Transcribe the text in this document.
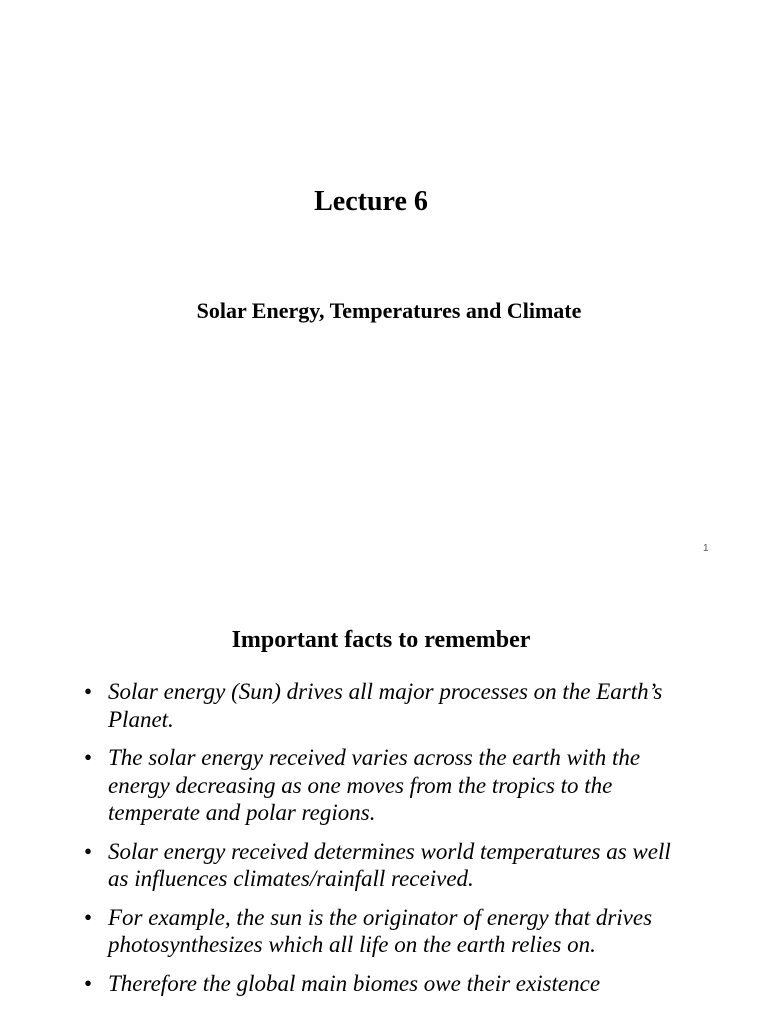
Lecture 6
Solar Energy, Temperatures and Climate
1
Important facts to remember
• Solar energy (Sun) drives all major processes on the Earth’s Planet.
• The solar energy received varies across the earth with the energy decreasing as one moves from the tropics to the temperate and polar regions.
• Solar energy received determines world temperatures as well as influences climates/rainfall received.
• For example, the sun is the originator of energy that drives photosynthesizes which all life on the earth relies on.
• Therefore the global main biomes owe their existence
